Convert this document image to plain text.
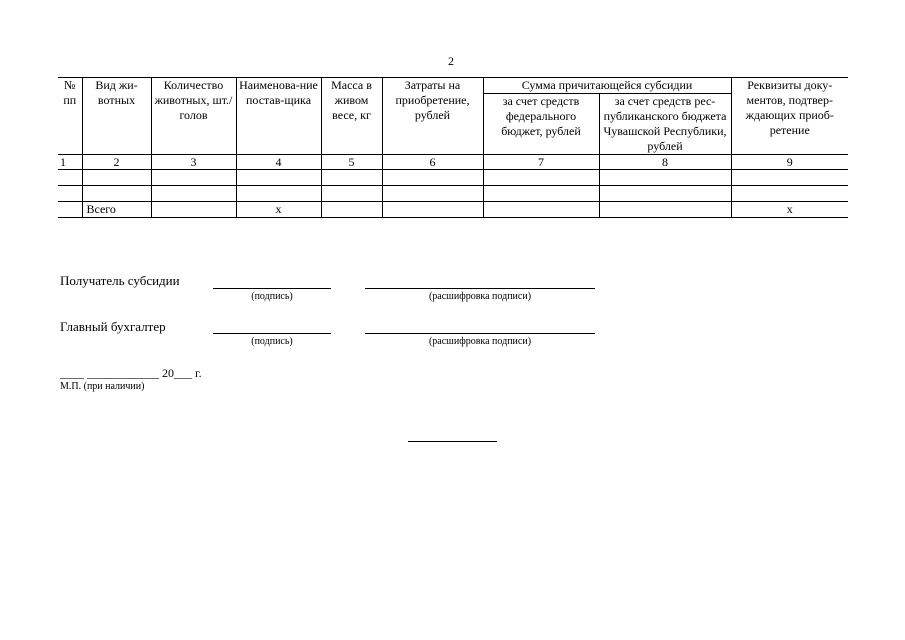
2
№ пп	Вид жи-вотных	Количество животных, шт./голов	Наименова-ние постав-щика	Масса в живом весе, кг	Затраты на приобретение, рублей	Сумма причитающейся субсидии		Реквизиты доку-ментов, подтвер-ждающих приоб-ретение
						за счет средств федерального бюджет, рублей	за счет средств рес-публиканского бюджета Чувашской Республики, рублей	
1	2	3	4	5	6	7	8	9

	Всего		х					х
Получатель субсидии
(подпись)	(расшифровка подписи)
Главный бухгалтер
(подпись)	(расшифровка подписи)
____ ____________ 20___ г.
М.П. (при наличии)
